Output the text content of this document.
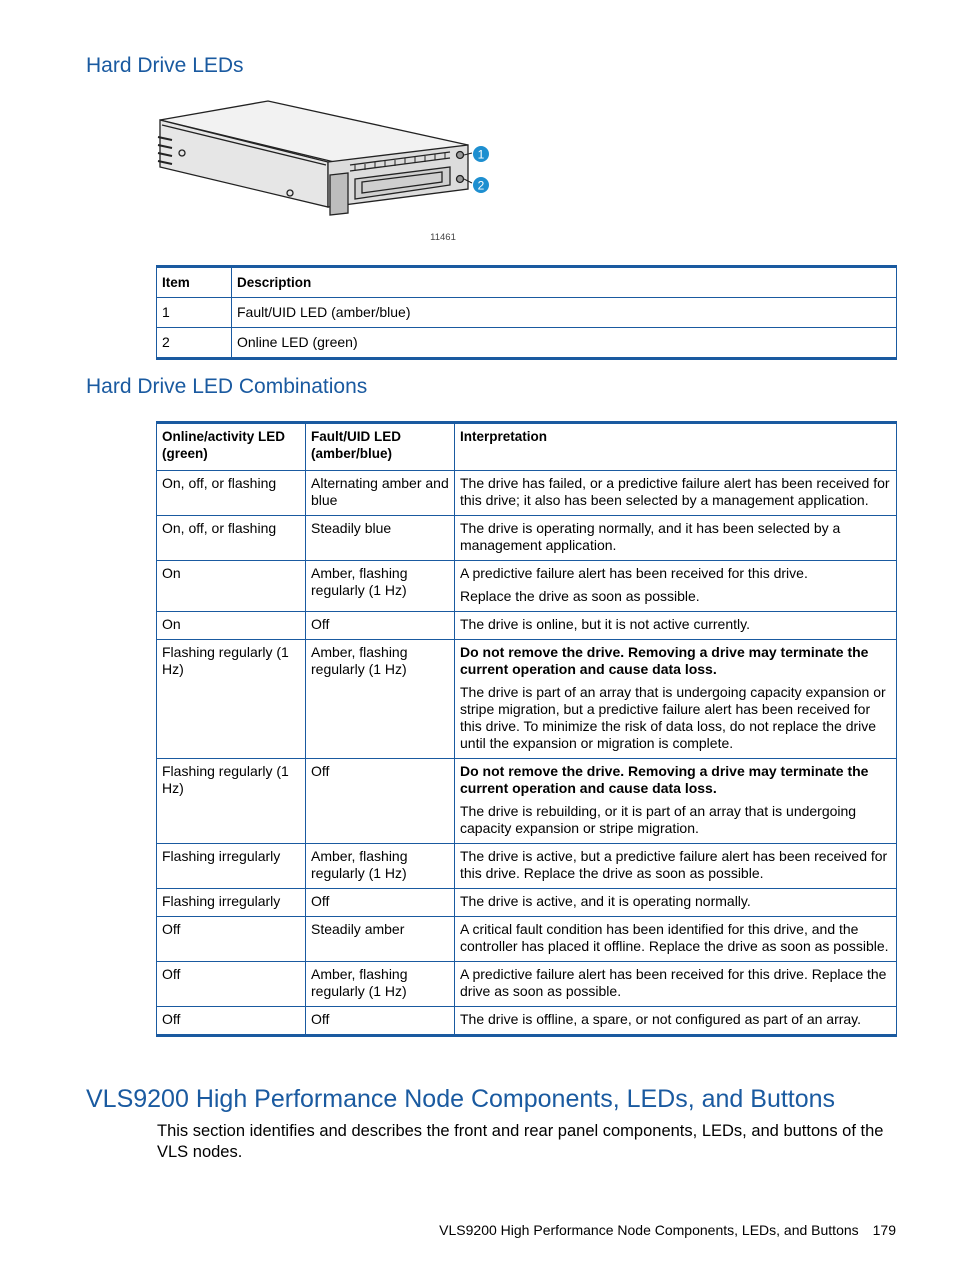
Hard Drive LEDs
1
2
11461
Item	Description
1	Fault/UID LED (amber/blue)
2	Online LED (green)
Hard Drive LED Combinations
Online/activity LED (green)	Fault/UID LED (amber/blue)	Interpretation
On, off, or flashing	Alternating amber and blue	The drive has failed, or a predictive failure alert has been received for this drive; it also has been selected by a management application.

On, off, or flashing	Steadily blue	The drive is operating normally, and it has been selected by a management application.

On	Amber, flashing regularly (1 Hz)	A predictive failure alert has been received for this drive.

Replace the drive as soon as possible.

On	Off	The drive is online, but it is not active currently.

Flashing regularly (1 Hz)	Amber, flashing regularly (1 Hz)	Do not remove the drive. Removing a drive may terminate the current operation and cause data loss.

The drive is part of an array that is undergoing capacity expansion or stripe migration, but a predictive failure alert has been received for this drive. To minimize the risk of data loss, do not replace the drive until the expansion or migration is complete.

Flashing regularly (1 Hz)	Off	Do not remove the drive. Removing a drive may terminate the current operation and cause data loss.

The drive is rebuilding, or it is part of an array that is undergoing capacity expansion or stripe migration.

Flashing irregularly	Amber, flashing regularly (1 Hz)	The drive is active, but a predictive failure alert has been received for this drive. Replace the drive as soon as possible.

Flashing irregularly	Off	The drive is active, and it is operating normally.

Off	Steadily amber	A critical fault condition has been identified for this drive, and the controller has placed it offline. Replace the drive as soon as possible.

Off	Amber, flashing regularly (1 Hz)	A predictive failure alert has been received for this drive. Replace the drive as soon as possible.

Off	Off	The drive is offline, a spare, or not configured as part of an array.

VLS9200 High Performance Node Components, LEDs, and Buttons

This section identifies and describes the front and rear panel components, LEDs, and buttons of the VLS nodes.

VLS9200 High Performance Node Components, LEDs, and Buttons 179
